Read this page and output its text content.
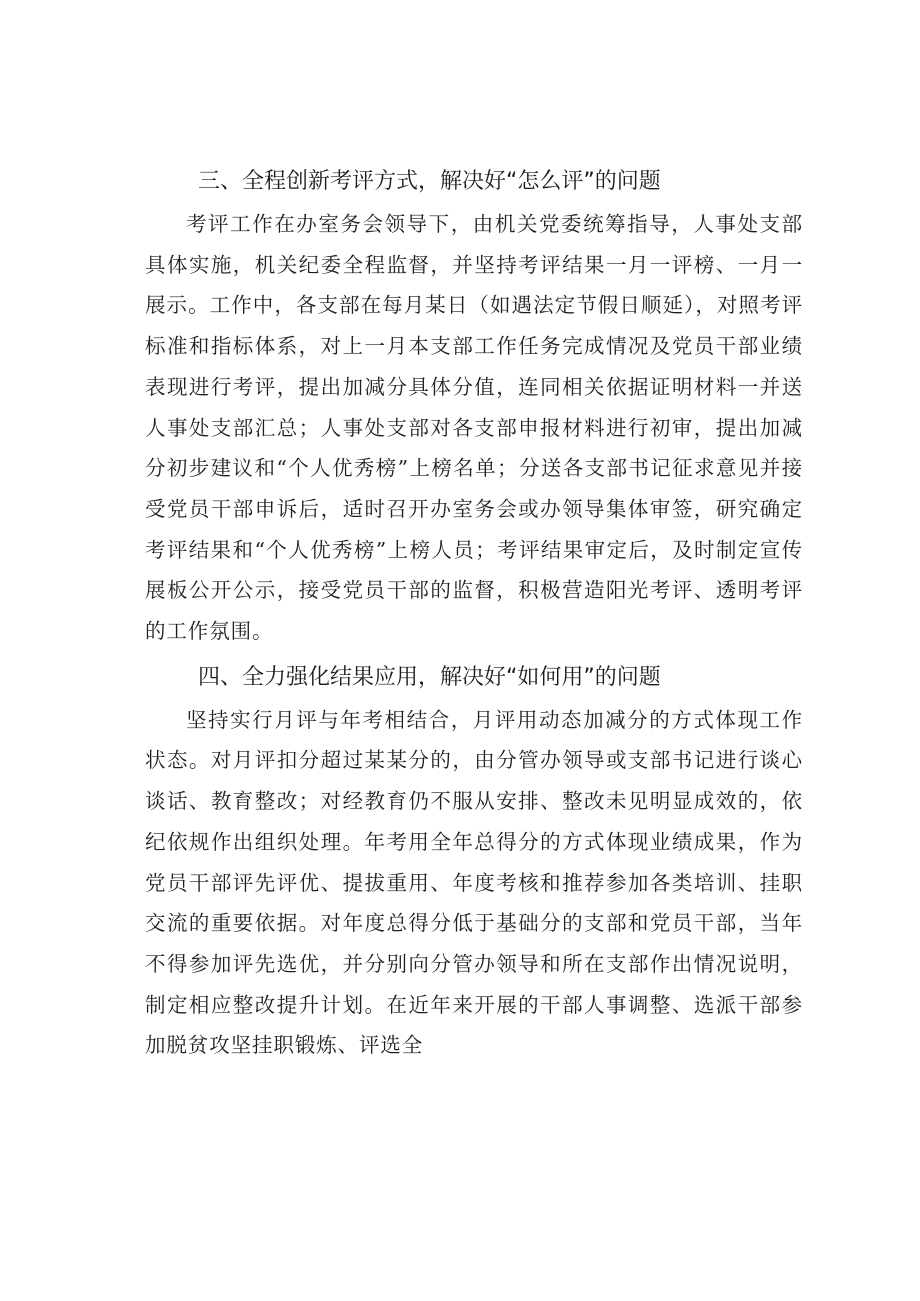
三、全程创新考评方式，解决好“怎么评”的问题

考评工作在办室务会领导下，由机关党委统筹指导，人事处支部具体实施，机关纪委全程监督，并坚持考评结果一月一评榜、一月一展示。工作中，各支部在每月某日（如遇法定节假日顺延），对照考评标准和指标体系，对上一月本支部工作任务完成情况及党员干部业绩表现进行考评，提出加减分具体分值，连同相关依据证明材料一并送人事处支部汇总；人事处支部对各支部申报材料进行初审，提出加减分初步建议和“个人优秀榜”上榜名单；分送各支部书记征求意见并接受党员干部申诉后，适时召开办室务会或办领导集体审签，研究确定考评结果和“个人优秀榜”上榜人员；考评结果审定后，及时制定宣传展板公开公示，接受党员干部的监督，积极营造阳光考评、透明考评的工作氛围。

四、全力强化结果应用，解决好“如何用”的问题

坚持实行月评与年考相结合，月评用动态加减分的方式体现工作状态。对月评扣分超过某某分的，由分管办领导或支部书记进行谈心谈话、教育整改；对经教育仍不服从安排、整改未见明显成效的，依纪依规作出组织处理。年考用全年总得分的方式体现业绩成果，作为党员干部评先评优、提拔重用、年度考核和推荐参加各类培训、挂职交流的重要依据。对年度总得分低于基础分的支部和党员干部，当年不得参加评先选优，并分别向分管办领导和所在支部作出情况说明，制定相应整改提升计划。在近年来开展的干部人事调整、选派干部参加脱贫攻坚挂职锻炼、评选全
